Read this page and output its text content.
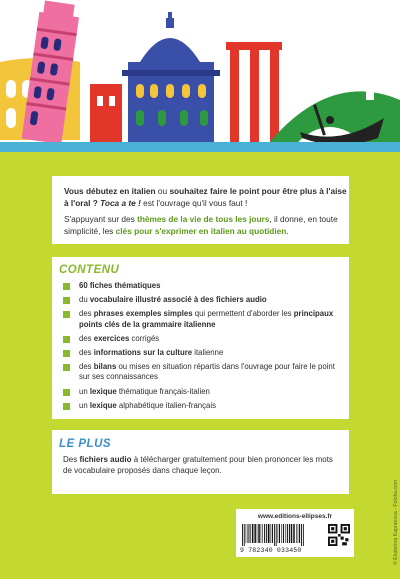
Vous débutez en italien ou souhaitez faire le point pour être plus à l'aise à l'oral ? Toca a te ! est l'ouvrage qu'il vous faut !

S'appuyant sur des thèmes de la vie de tous les jours, il donne, en toute simplicité, les clés pour s'exprimer en italien au quotidien.

CONTENU
60 fiches thématiques
du vocabulaire illustré associé à des fichiers audio
des phrases exemples simples qui permettent d'aborder les principaux points clés de la grammaire italienne
des exercices corrigés
des informations sur la culture italienne
des bilans ou mises en situation répartis dans l'ouvrage pour faire le point sur ses connaissances
un lexique thématique français-italien
un lexique alphabétique italien-français
LE PLUS

Des fichiers audio à télécharger gratuitement pour bien prononcer les mots de vocabulaire proposés dans chaque leçon.

www.editions-ellipses.fr
9 782340 033450	© Ekaterina Kapranova - Fotolia.com
